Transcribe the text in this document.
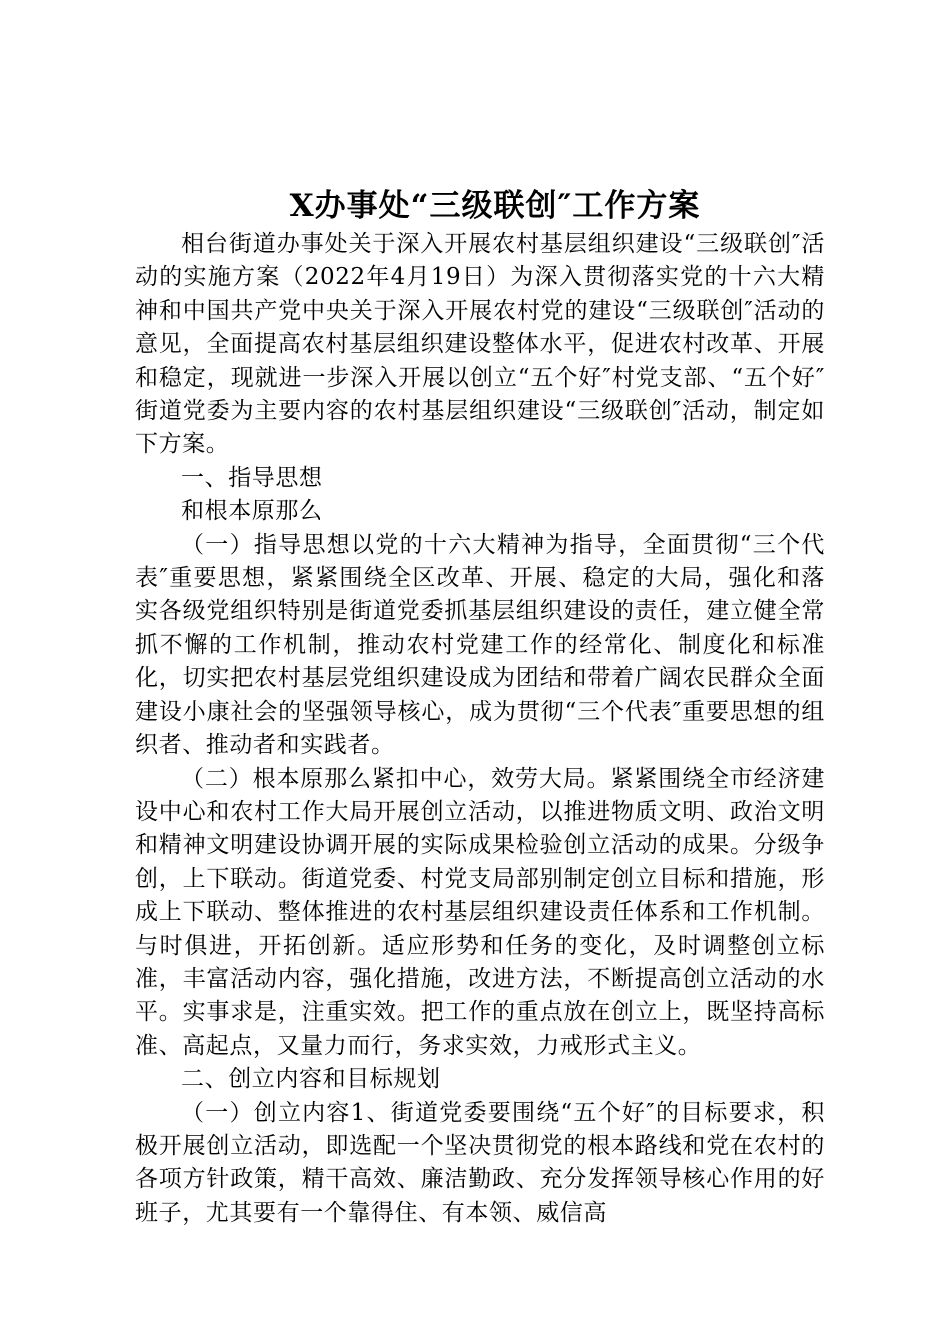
X办事处“三级联创″工作方案

相台街道办事处关于深入开展农村基层组织建设“三级联创″活动的实施方案（2022年4月19日）为深入贯彻落实党的十六大精神和中国共产党中央关于深入开展农村党的建设“三级联创″活动的意见，全面提高农村基层组织建设整体水平，促进农村改革、开展和稳定，现就进一步深入开展以创立“五个好″村党支部、“五个好″街道党委为主要内容的农村基层组织建设“三级联创″活动，制定如下方案。

一、指导思想

和根本原那么

（一）指导思想以党的十六大精神为指导，全面贯彻“三个代表″重要思想，紧紧围绕全区改革、开展、稳定的大局，强化和落实各级党组织特别是街道党委抓基层组织建设的责任，建立健全常抓不懈的工作机制，推动农村党建工作的经常化、制度化和标准化，切实把农村基层党组织建设成为团结和带着广阔农民群众全面建设小康社会的坚强领导核心，成为贯彻“三个代表″重要思想的组织者、推动者和实践者。

（二）根本原那么紧扣中心，效劳大局。紧紧围绕全市经济建设中心和农村工作大局开展创立活动，以推进物质文明、政治文明和精神文明建设协调开展的实际成果检验创立活动的成果。分级争创，上下联动。街道党委、村党支局部别制定创立目标和措施，形成上下联动、整体推进的农村基层组织建设责任体系和工作机制。与时俱进，开拓创新。适应形势和任务的变化，及时调整创立标准，丰富活动内容，强化措施，改进方法，不断提高创立活动的水平。实事求是，注重实效。把工作的重点放在创立上，既坚持高标准、高起点，又量力而行，务求实效，力戒形式主义。

二、创立内容和目标规划

（一）创立内容1、街道党委要围绕“五个好″的目标要求，积极开展创立活动，即选配一个坚决贯彻党的根本路线和党在农村的各项方针政策，精干高效、廉洁勤政、充分发挥领导核心作用的好班子，尤其要有一个靠得住、有本领、威信高
